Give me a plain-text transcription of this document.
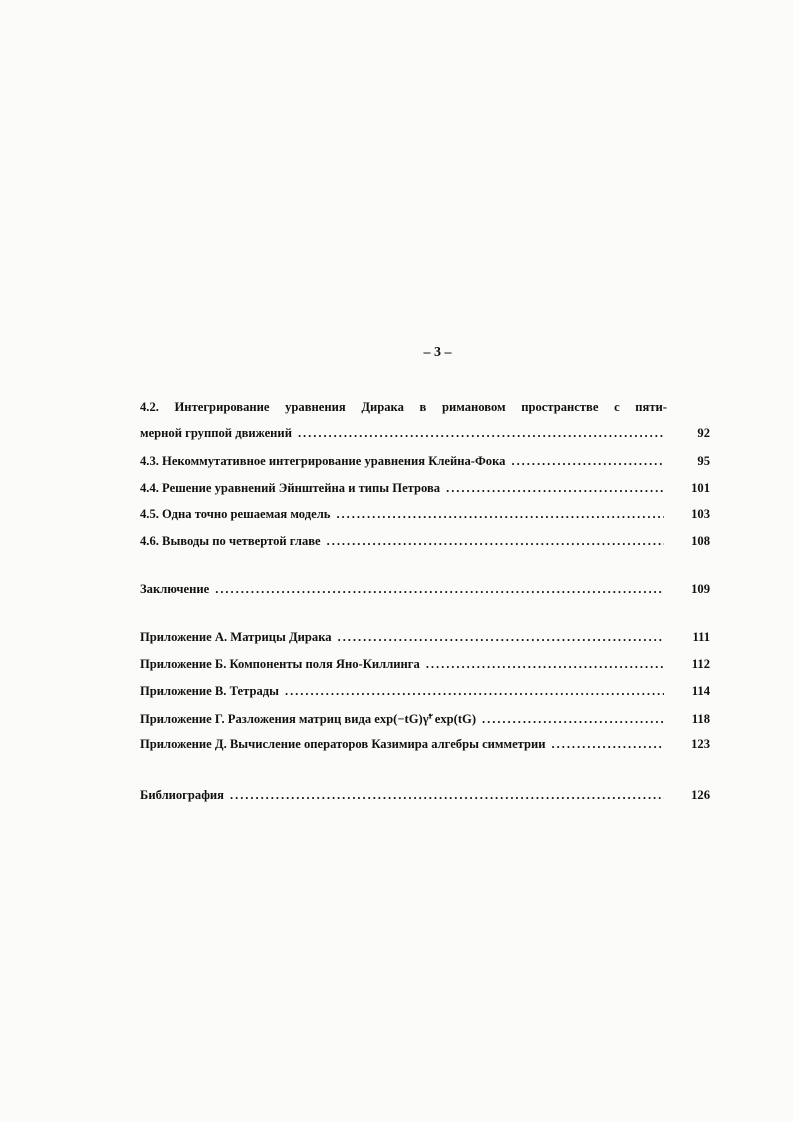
– 3 –
4.2. Интегрирование уравнения Дирака в римановом пространстве с пяти-
мерной группой движений . . .	92
4.3. Некоммутативное интегрирование уравнения Клейна-Фока . . .	95
4.4. Решение уравнений Эйнштейна и типы Петрова . . .	101
4.5. Одна точно решаемая модель . . .	103
4.6. Выводы по четвертой главе . . .	108
Заключение . . .	109
Приложение А. Матрицы Дирака . . .	111
Приложение Б. Компоненты поля Яно-Киллинга . . .	112
Приложение В. Тетрады . . .	114
Приложение Г. Разложения матриц вида exp(−tG)γ̃ⁱ exp(tG) . . .	118
Приложение Д. Вычисление операторов Казимира алгебры симметрии . . .	123
Библиография . . .	126
